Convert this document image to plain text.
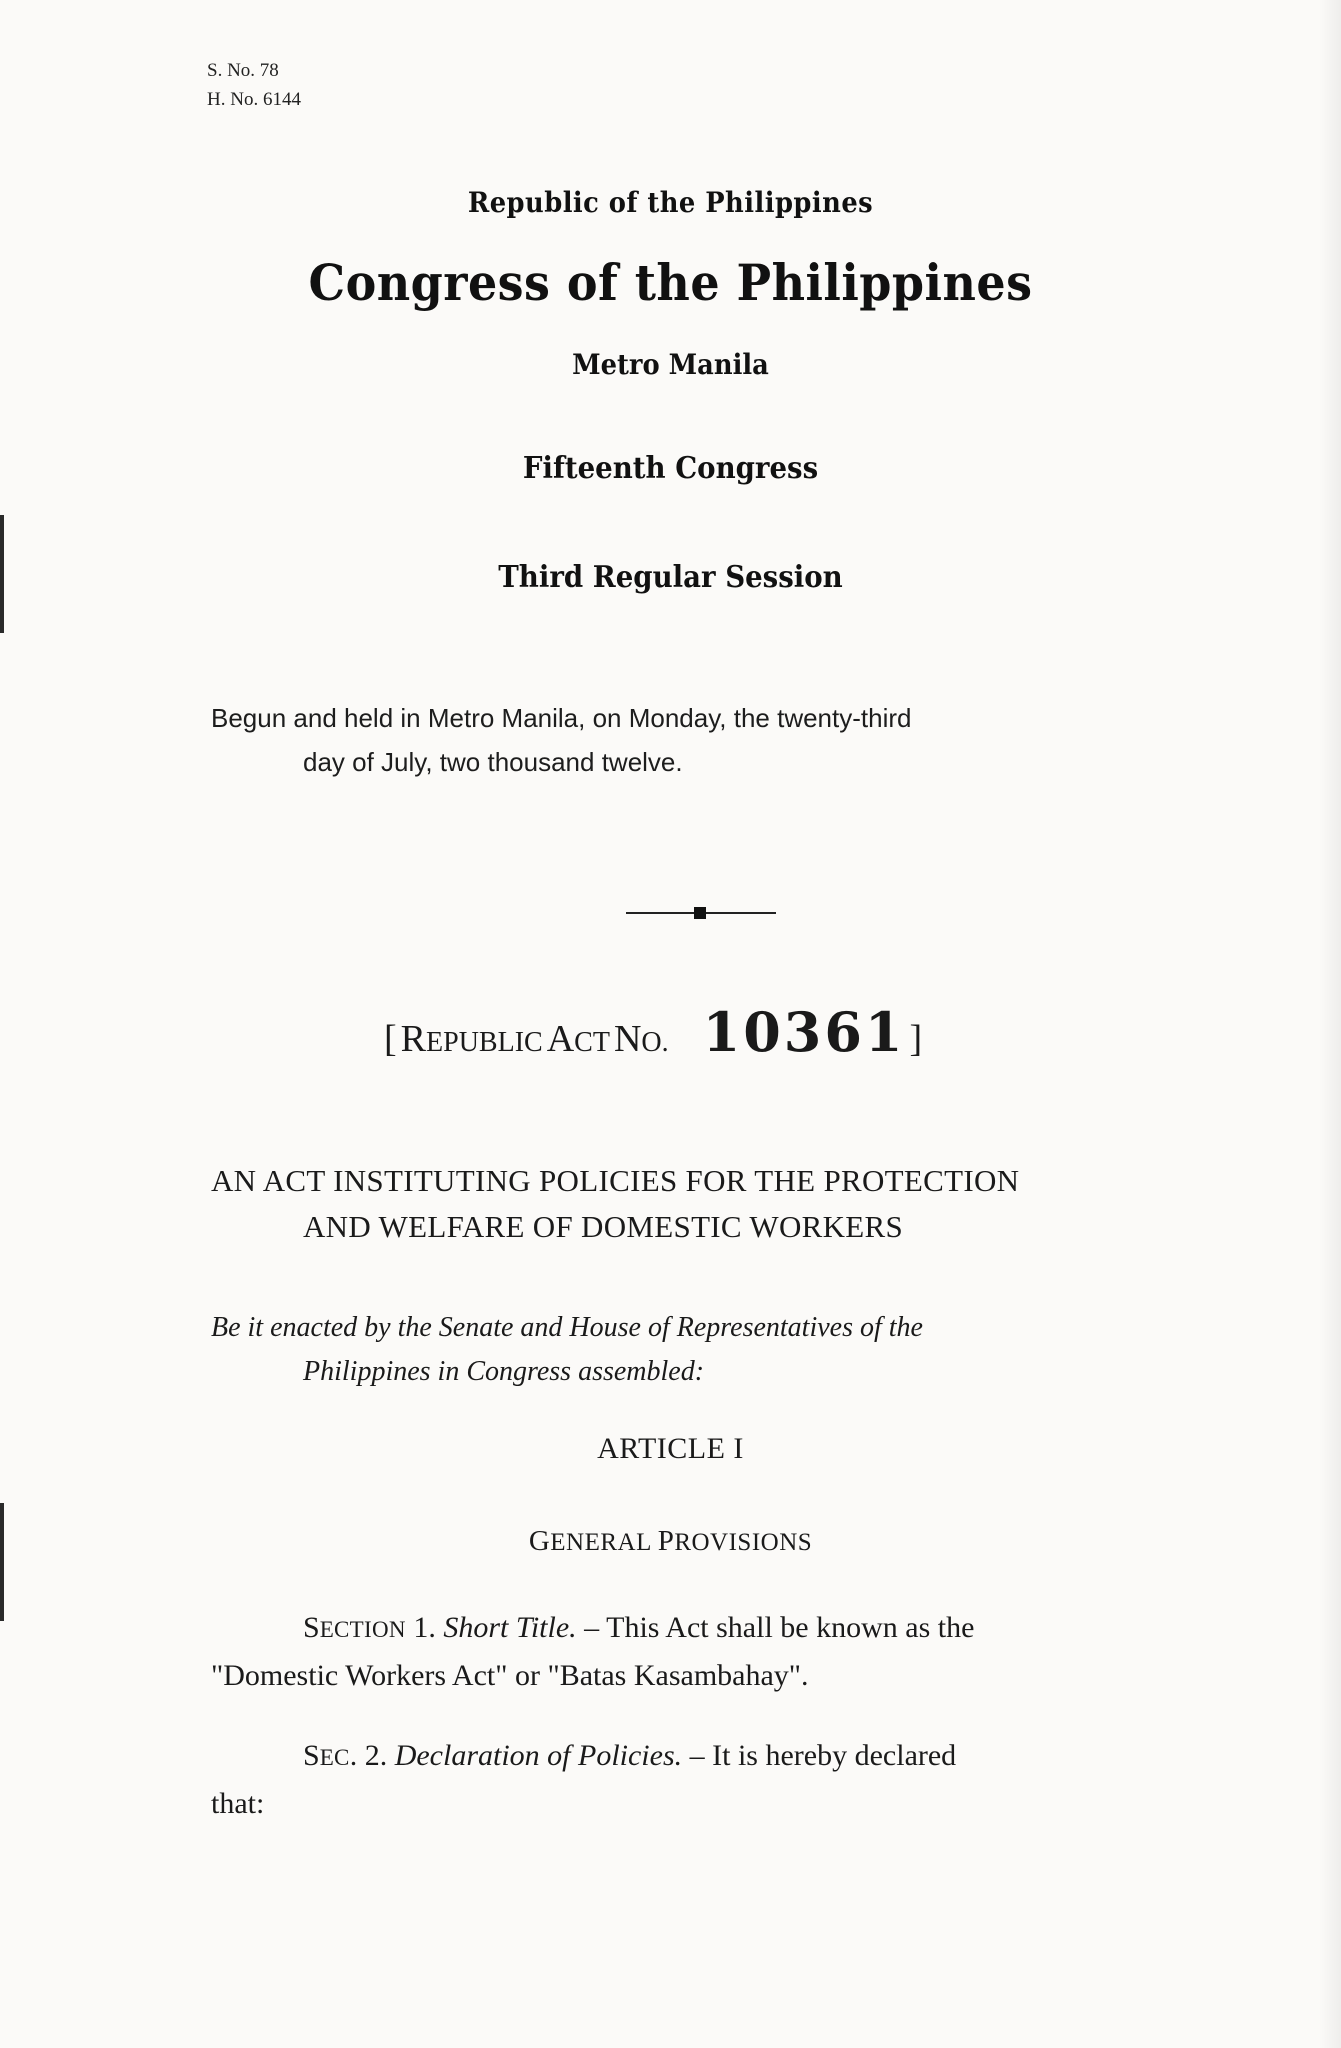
S. No. 78
H. No. 6144
Republic of the Philippines
Congress of the Philippines
Metro Manila
Fifteenth Congress
Third Regular Session
Begun and held in Metro Manila, on Monday, the twenty-third
day of July, two thousand twelve.
[ REPUBLIC ACT NO. 10361 ]
AN ACT INSTITUTING POLICIES FOR THE PROTECTION
AND WELFARE OF DOMESTIC WORKERS
Be it enacted by the Senate and House of Representatives of the
Philippines in Congress assembled:
ARTICLE I
GENERAL PROVISIONS
SECTION 1. Short Title. – This Act shall be known as the
"Domestic Workers Act" or "Batas Kasambahay".
SEC. 2. Declaration of Policies. – It is hereby declared
that:
